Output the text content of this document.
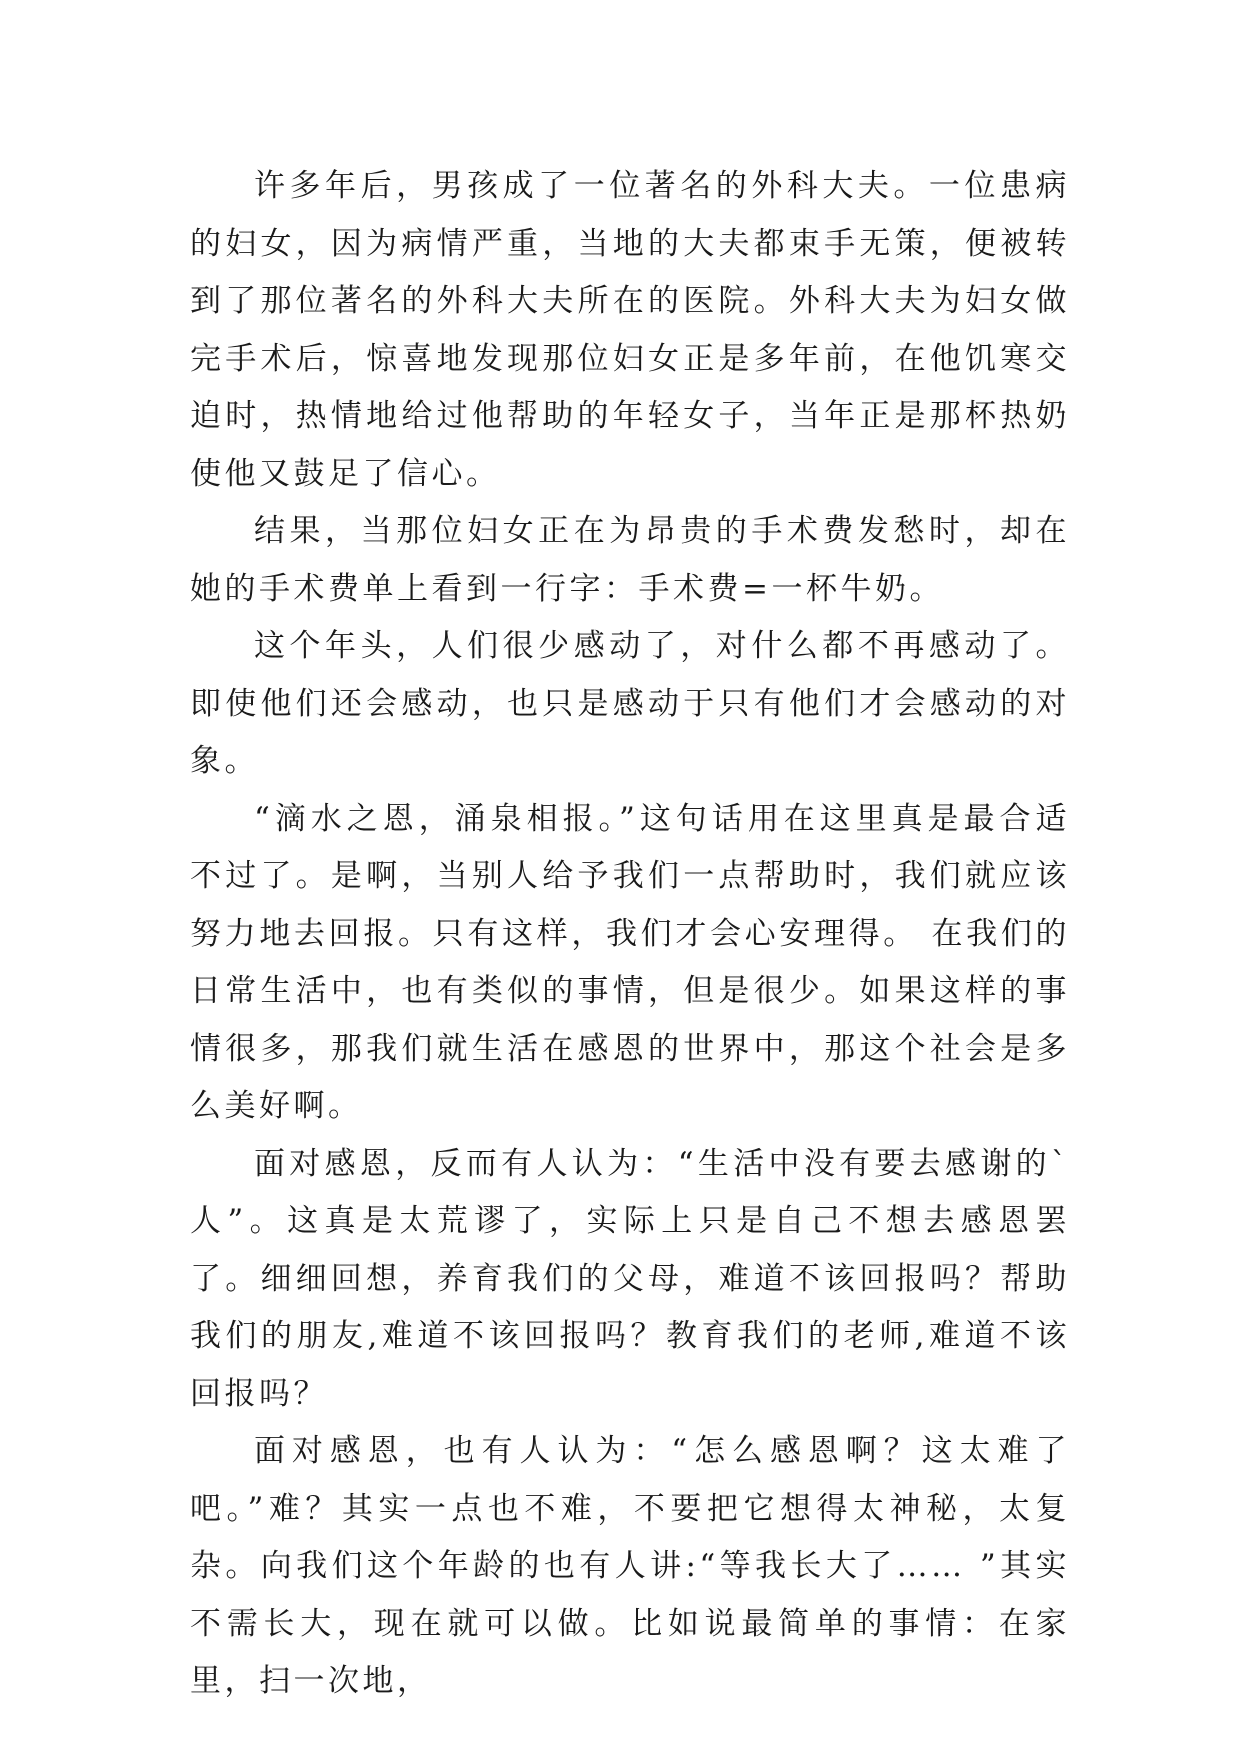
许多年后，男孩成了一位著名的外科大夫。一位患病的妇女，因为病情严重，当地的大夫都束手无策，便被转到了那位著名的外科大夫所在的医院。外科大夫为妇女做完手术后，惊喜地发现那位妇女正是多年前，在他饥寒交迫时，热情地给过他帮助的年轻女子，当年正是那杯热奶使他又鼓足了信心。

结果，当那位妇女正在为昂贵的手术费发愁时，却在她的手术费单上看到一行字：手术费=一杯牛奶。

这个年头，人们很少感动了，对什么都不再感动了。即使他们还会感动，也只是感动于只有他们才会感动的对象。

“滴水之恩，涌泉相报。”这句话用在这里真是最合适不过了。是啊，当别人给予我们一点帮助时，我们就应该努力地去回报。只有这样，我们才会心安理得。 在我们的日常生活中，也有类似的事情，但是很少。如果这样的事情很多，那我们就生活在感恩的世界中，那这个社会是多么美好啊。

面对感恩，反而有人认为：“生活中没有要去感谢的`人”。这真是太荒谬了，实际上只是自己不想去感恩罢了。细细回想，养育我们的父母，难道不该回报吗？帮助我们的朋友,难道不该回报吗？教育我们的老师,难道不该回报吗？

面对感恩，也有人认为：“怎么感恩啊？这太难了吧。”难？其实一点也不难，不要把它想得太神秘，太复杂。向我们这个年龄的也有人讲:“等我长大了…… ”其实不需长大，现在就可以做。比如说最简单的事情：在家里，扫一次地，
